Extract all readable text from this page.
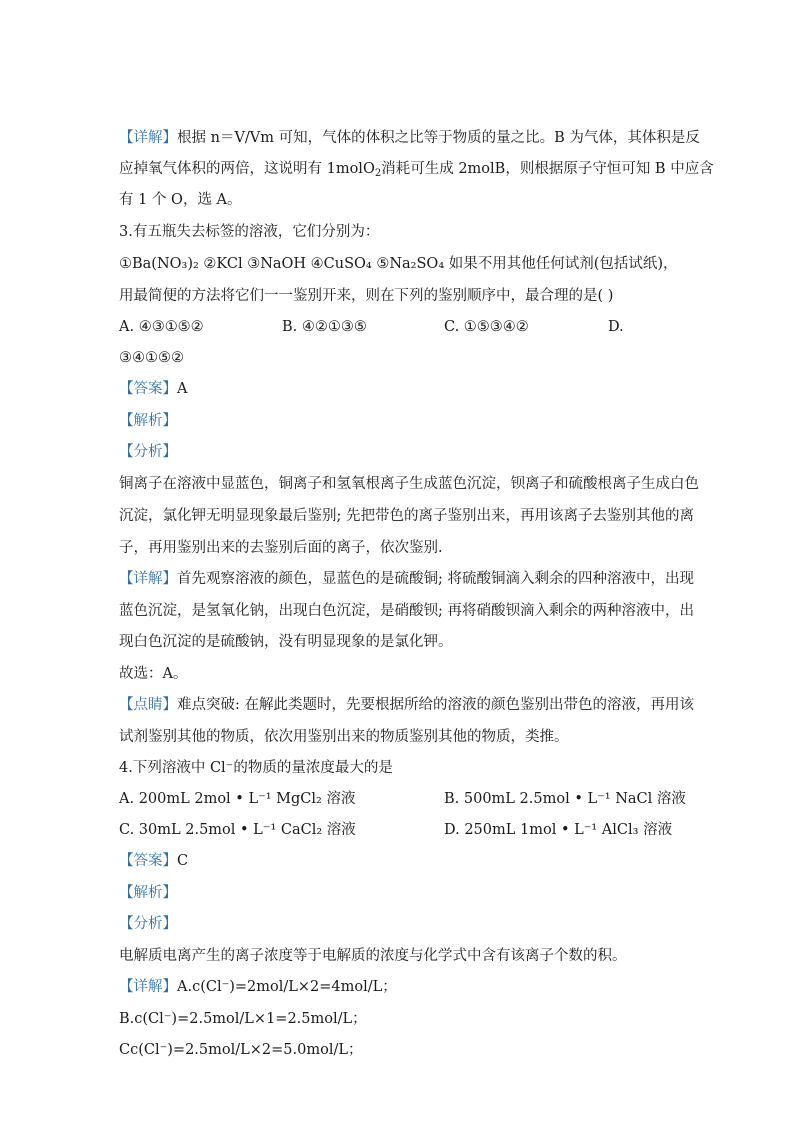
【详解】根据 n＝V/Vm 可知，气体的体积之比等于物质的量之比。B 为气体，其体积是反
应掉氧气体积的两倍，这说明有 1molO$_2$消耗可生成 2molB，则根据原子守恒可知 B 中应含
有 1 个 O，选 A。
3.有五瓶失去标签的溶液，它们分别为：
①Ba(NO₃)₂ ②KCl ③NaOH ④CuSO₄ ⑤Na₂SO₄ 如果不用其他任何试剂(包括试纸)，
用最简便的方法将它们一一鉴别开来，则在下列的鉴别顺序中，最合理的是( )
A. ④③①⑤②	B. ④②①③⑤	C. ①⑤③④②	D.
③④①⑤②
【答案】A
【解析】
【分析】
铜离子在溶液中显蓝色，铜离子和氢氧根离子生成蓝色沉淀，钡离子和硫酸根离子生成白色
沉淀，氯化钾无明显现象最后鉴别; 先把带色的离子鉴别出来，再用该离子去鉴别其他的离
子，再用鉴别出来的去鉴别后面的离子，依次鉴别.
【详解】首先观察溶液的颜色，显蓝色的是硫酸铜; 将硫酸铜滴入剩余的四种溶液中，出现
蓝色沉淀，是氢氧化钠，出现白色沉淀，是硝酸钡; 再将硝酸钡滴入剩余的两种溶液中，出
现白色沉淀的是硫酸钠，没有明显现象的是氯化钾。
故选：A。
【点睛】难点突破: 在解此类题时，先要根据所给的溶液的颜色鉴别出带色的溶液，再用该
试剂鉴别其他的物质，依次用鉴别出来的物质鉴别其他的物质，类推。
4.下列溶液中 Cl⁻的物质的量浓度最大的是
A. 200mL 2mol • L⁻¹ MgCl₂ 溶液	B. 500mL 2.5mol • L⁻¹ NaCl 溶液
C. 30mL 2.5mol • L⁻¹ CaCl₂ 溶液	D. 250mL 1mol • L⁻¹ AlCl₃ 溶液
【答案】C
【解析】
【分析】
电解质电离产生的离子浓度等于电解质的浓度与化学式中含有该离子个数的积。
【详解】A.c(Cl⁻)=2mol/L×2=4mol/L；
B.c(Cl⁻)=2.5mol/L×1=2.5mol/L；
Cc(Cl⁻)=2.5mol/L×2=5.0mol/L；
